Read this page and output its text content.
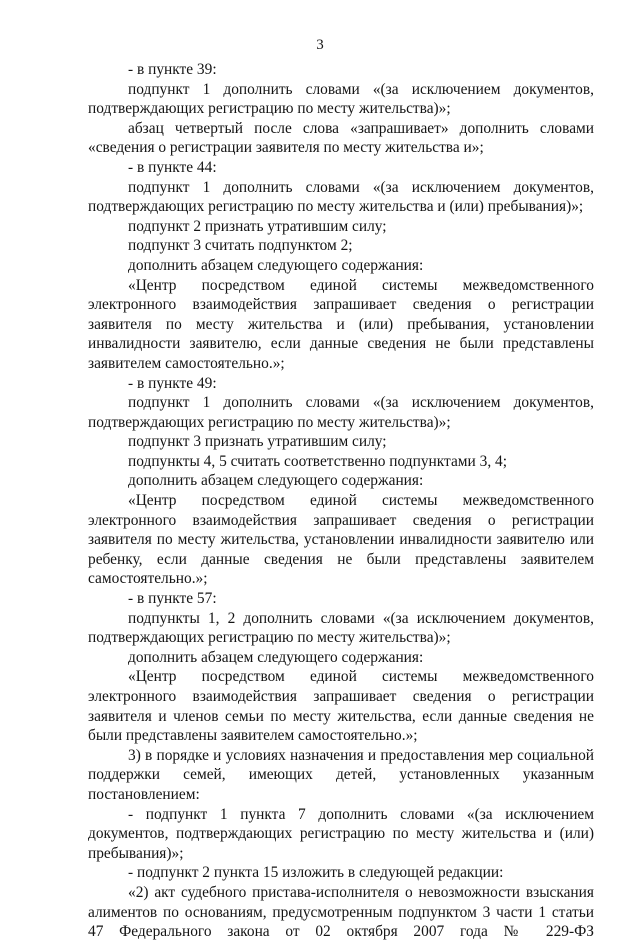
3

- в пункте 39:

подпункт 1 дополнить словами «(за исключением документов, подтверждающих регистрацию по месту жительства)»;

абзац четвертый после слова «запрашивает» дополнить словами «сведения о регистрации заявителя по месту жительства и»;

- в пункте 44:

подпункт 1 дополнить словами «(за исключением документов, подтверждающих регистрацию по месту жительства и (или) пребывания)»;

подпункт 2 признать утратившим силу;

подпункт 3 считать подпунктом 2;

дополнить абзацем следующего содержания:

«Центр посредством единой системы межведомственного электронного взаимодействия запрашивает сведения о регистрации заявителя по месту жительства и (или) пребывания, установлении инвалидности заявителю, если данные сведения не были представлены заявителем самостоятельно.»;

- в пункте 49:

подпункт 1 дополнить словами «(за исключением документов, подтверждающих регистрацию по месту жительства)»;

подпункт 3 признать утратившим силу;

подпункты 4, 5 считать соответственно подпунктами 3, 4;

дополнить абзацем следующего содержания:

«Центр посредством единой системы межведомственного электронного взаимодействия запрашивает сведения о регистрации заявителя по месту жительства, установлении инвалидности заявителю или ребенку, если данные сведения не были представлены заявителем самостоятельно.»;

- в пункте 57:

подпункты 1, 2 дополнить словами «(за исключением документов, подтверждающих регистрацию по месту жительства)»;

дополнить абзацем следующего содержания:

«Центр посредством единой системы межведомственного электронного взаимодействия запрашивает сведения о регистрации заявителя и членов семьи по месту жительства, если данные сведения не были представлены заявителем самостоятельно.»;

3) в порядке и условиях назначения и предоставления мер социальной поддержки семей, имеющих детей, установленных указанным постановлением:

- подпункт 1 пункта 7 дополнить словами «(за исключением документов, подтверждающих регистрацию по месту жительства и (или) пребывания)»;

- подпункт 2 пункта 15 изложить в следующей редакции:

«2) акт судебного пристава-исполнителя о невозможности взыскания алиментов по основаниям, предусмотренным подпунктом 3 части 1 статьи 47 Федерального закона от 02 октября 2007 года № 229-ФЗ
